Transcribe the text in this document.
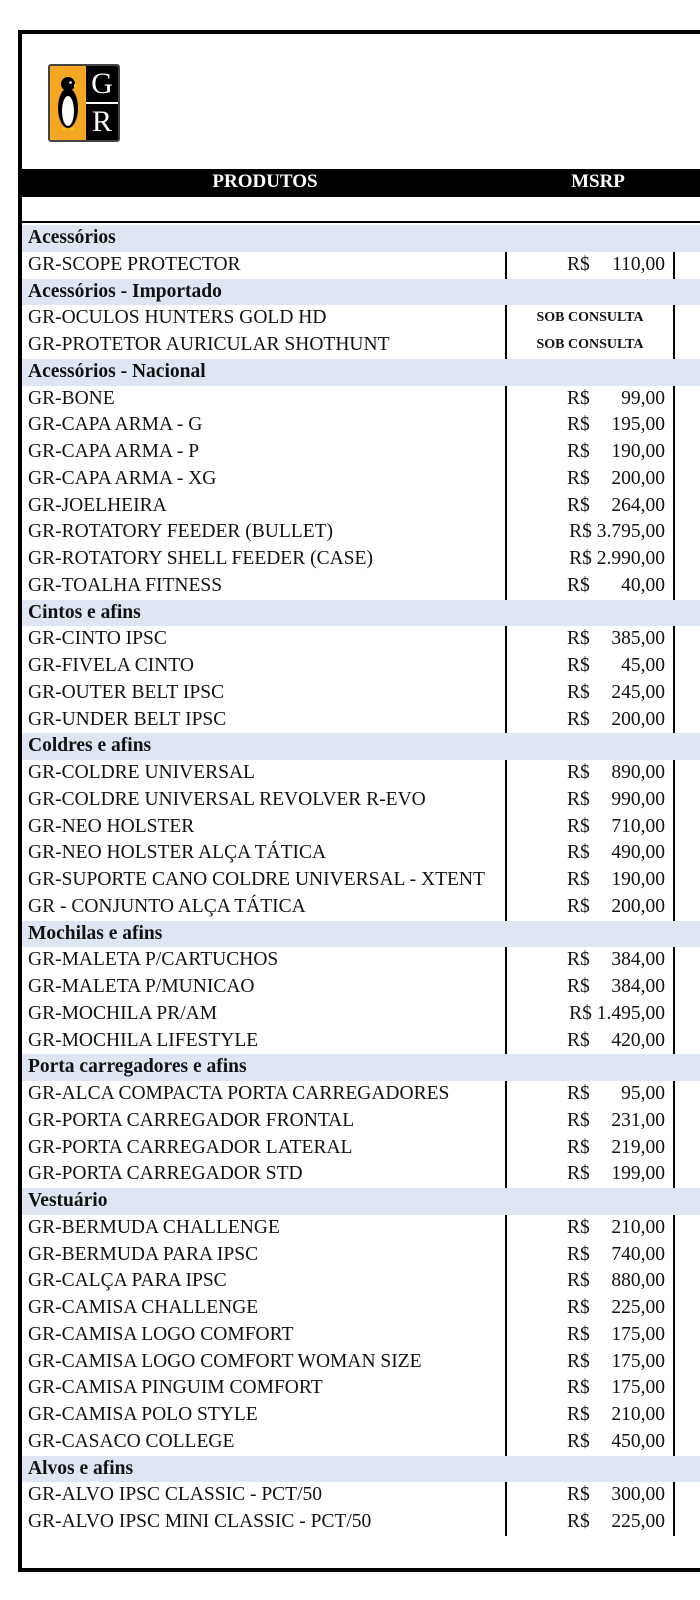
G
R
PRODUTOS	MSRP
Acessórios
GR-SCOPE PROTECTOR	R$ 110,00
Acessórios - Importado
GR-OCULOS HUNTERS GOLD HD	SOB CONSULTA
GR-PROTETOR AURICULAR SHOTHUNT	SOB CONSULTA
Acessórios - Nacional
GR-BONE	R$ 99,00
GR-CAPA ARMA - G	R$ 195,00
GR-CAPA ARMA - P	R$ 190,00
GR-CAPA ARMA - XG	R$ 200,00
GR-JOELHEIRA	R$ 264,00
GR-ROTATORY FEEDER (BULLET)	R$ 3.795,00
GR-ROTATORY SHELL FEEDER (CASE)	R$ 2.990,00
GR-TOALHA FITNESS	R$ 40,00
Cintos e afins
GR-CINTO IPSC	R$ 385,00
GR-FIVELA CINTO	R$ 45,00
GR-OUTER BELT IPSC	R$ 245,00
GR-UNDER BELT IPSC	R$ 200,00
Coldres e afins
GR-COLDRE UNIVERSAL	R$ 890,00
GR-COLDRE UNIVERSAL REVOLVER R-EVO	R$ 990,00
GR-NEO HOLSTER	R$ 710,00
GR-NEO HOLSTER ALÇA TÁTICA	R$ 490,00
GR-SUPORTE CANO COLDRE UNIVERSAL - XTENT	R$ 190,00
GR - CONJUNTO ALÇA TÁTICA	R$ 200,00
Mochilas e afins
GR-MALETA P/CARTUCHOS	R$ 384,00
GR-MALETA P/MUNICAO	R$ 384,00
GR-MOCHILA PR/AM	R$ 1.495,00
GR-MOCHILA LIFESTYLE	R$ 420,00
Porta carregadores e afins
GR-ALCA COMPACTA PORTA CARREGADORES	R$ 95,00
GR-PORTA CARREGADOR FRONTAL	R$ 231,00
GR-PORTA CARREGADOR LATERAL	R$ 219,00
GR-PORTA CARREGADOR STD	R$ 199,00
Vestuário
GR-BERMUDA CHALLENGE	R$ 210,00
GR-BERMUDA PARA IPSC	R$ 740,00
GR-CALÇA PARA IPSC	R$ 880,00
GR-CAMISA CHALLENGE	R$ 225,00
GR-CAMISA LOGO COMFORT	R$ 175,00
GR-CAMISA LOGO COMFORT WOMAN SIZE	R$ 175,00
GR-CAMISA PINGUIM COMFORT	R$ 175,00
GR-CAMISA POLO STYLE	R$ 210,00
GR-CASACO COLLEGE	R$ 450,00
Alvos e afins
GR-ALVO IPSC CLASSIC - PCT/50	R$ 300,00
GR-ALVO IPSC MINI CLASSIC - PCT/50	R$ 225,00
